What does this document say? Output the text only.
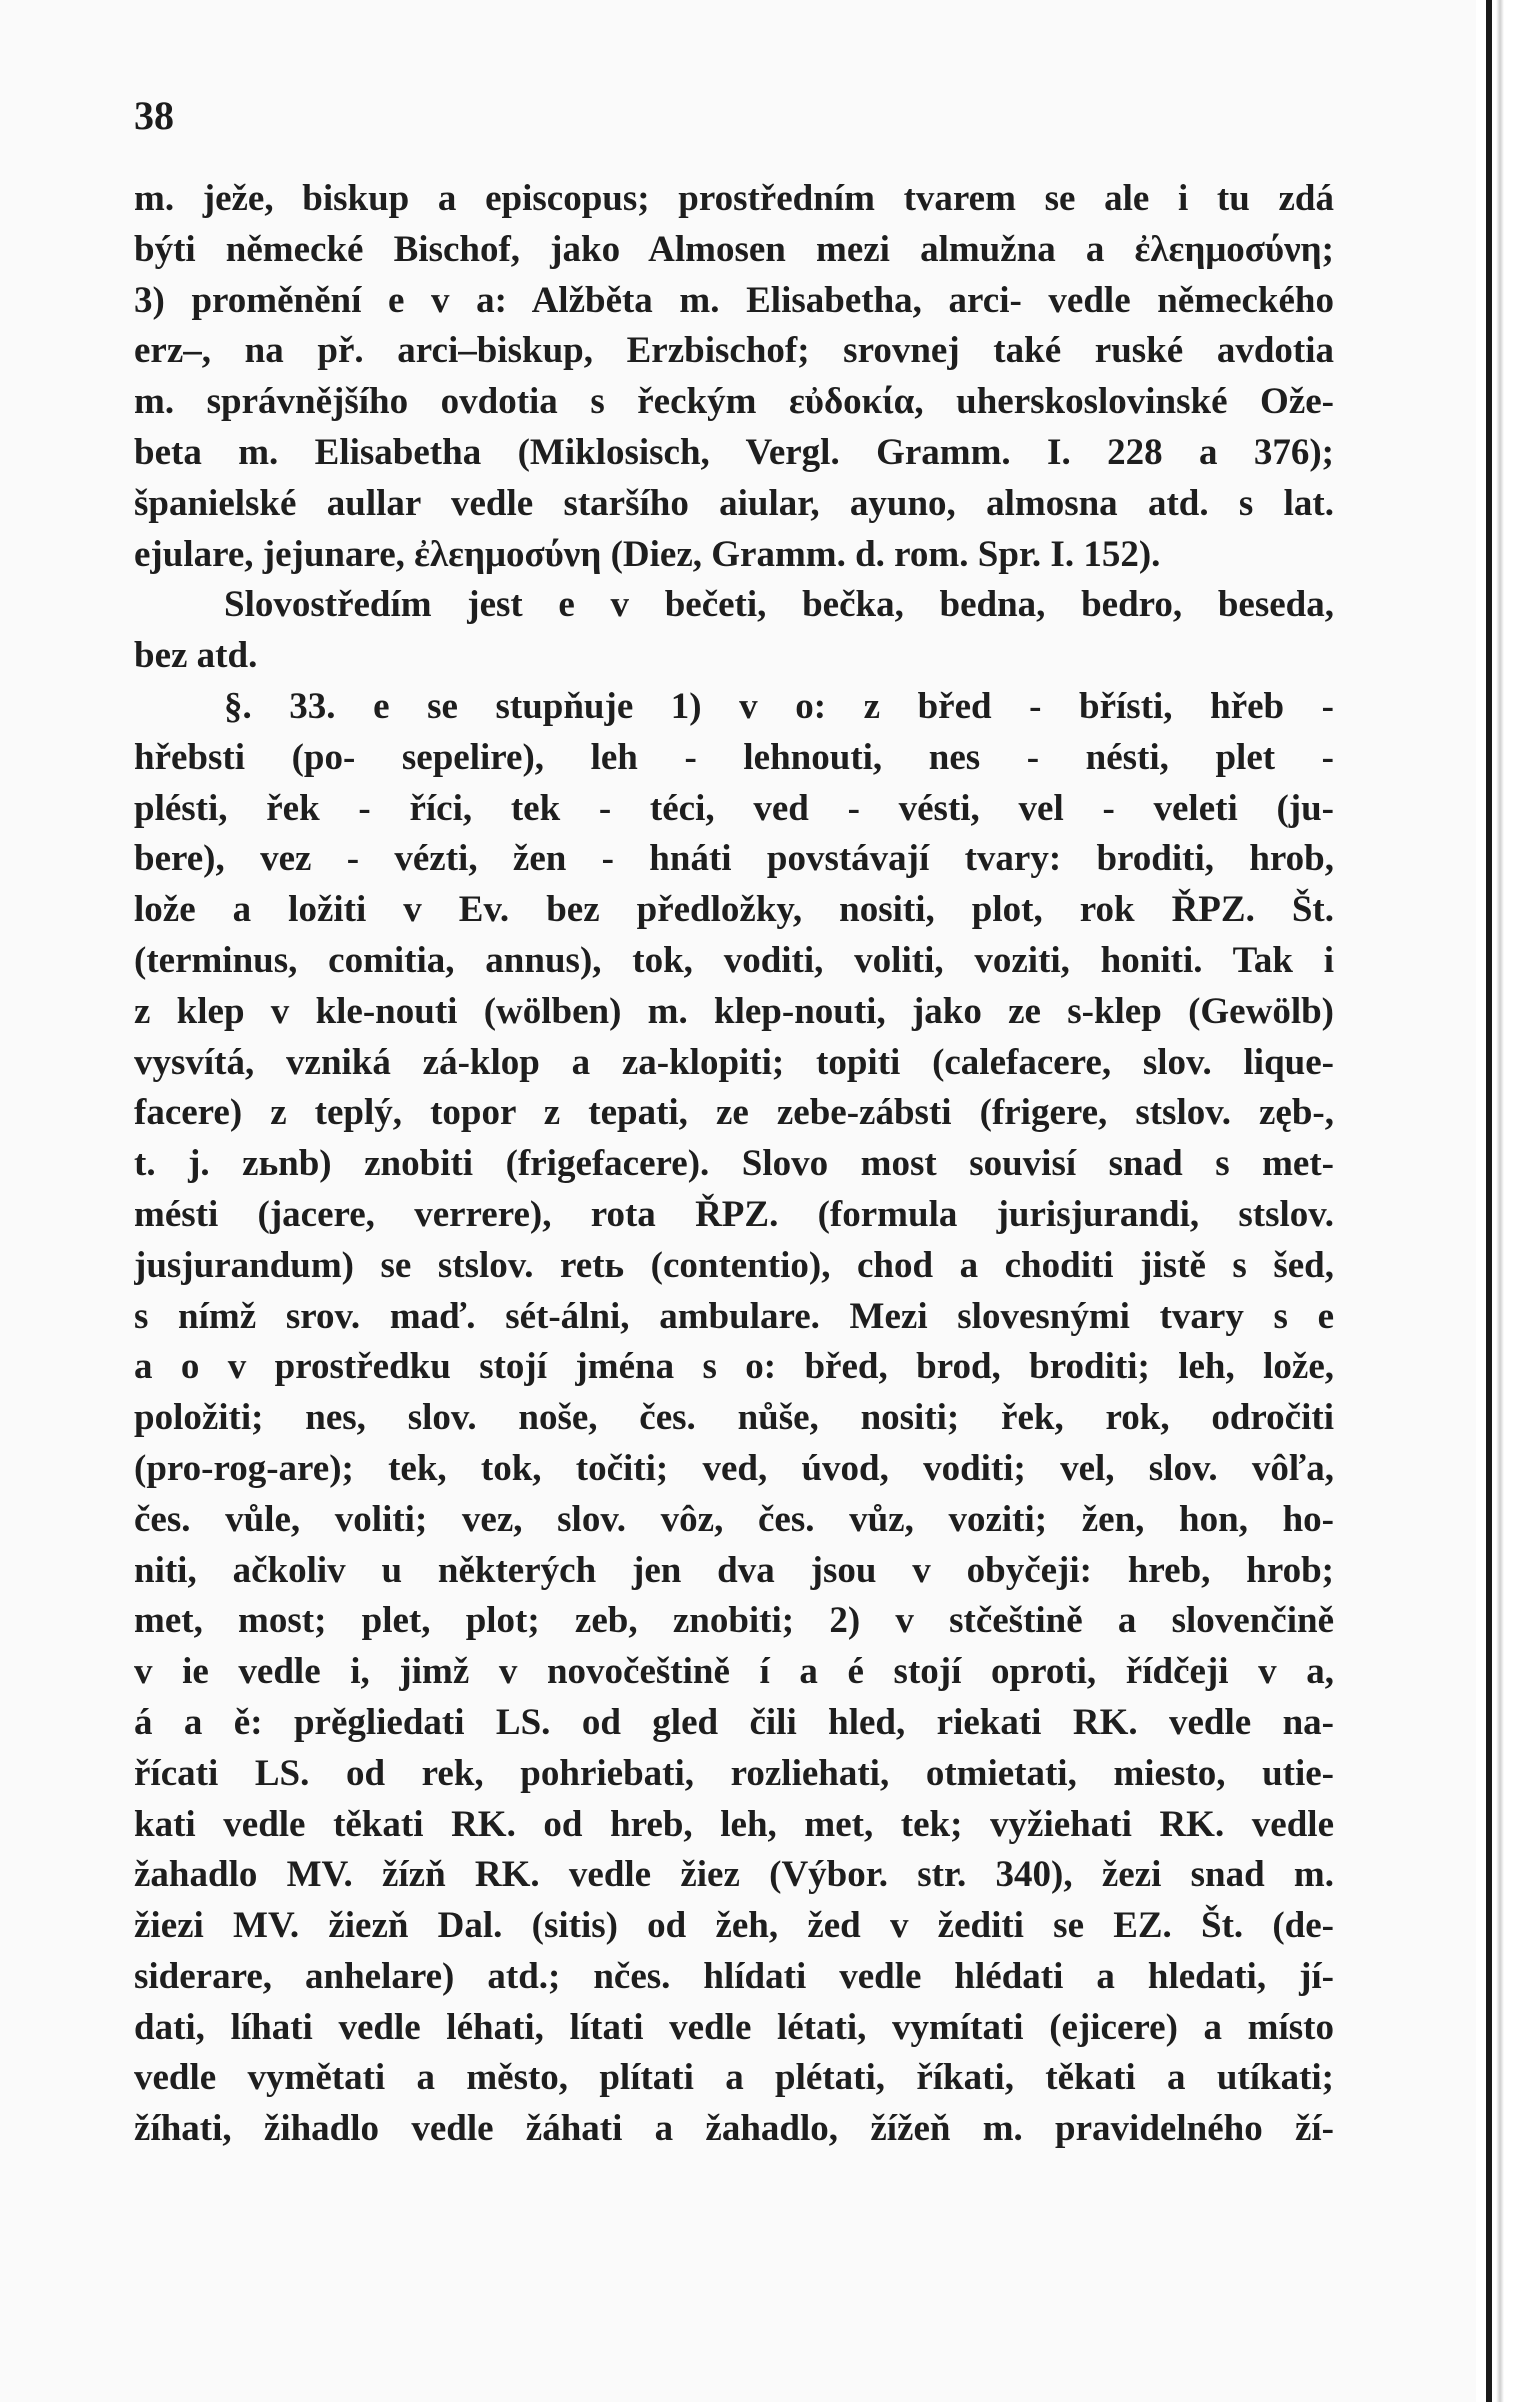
38
m. ježe, biskup a episcopus; prostředním tvarem se ale i tu zdá
býti německé Bischof, jako Almosen mezi almužna a ἐλεημοσύνη;
3) proměnění e v a: Alžběta m. Elisabetha, arci- vedle německého
erz–, na př. arci–biskup, Erzbischof; srovnej také ruské avdotia
m. správnějšího ovdotia s řeckým εὐδοκία, uherskoslovinské Ože-
beta m. Elisabetha (Miklosisch, Vergl. Gramm. I. 228 a 376);
španielské aullar vedle staršího aiular, ayuno, almosna atd. s lat.
ejulare, jejunare, ἐλεημοσύνη (Diez, Gramm. d. rom. Spr. I. 152).
Slovostředím jest e v bečeti, bečka, bedna, bedro, beseda,
bez atd.
§. 33. e se stupňuje 1) v o: z břed - břísti, hřeb -
hřebsti (po- sepelire), leh - lehnouti, nes - nésti, plet -
plésti, řek - říci, tek - téci, ved - vésti, vel - veleti (ju-
bere), vez - vézti, žen - hnáti povstávají tvary: broditi, hrob,
lože a ložiti v Ev. bez předložky, nositi, plot, rok ŘPZ. Št.
(terminus, comitia, annus), tok, voditi, voliti, voziti, honiti. Tak i
z klep v kle-nouti (wölben) m. klep-nouti, jako ze s-klep (Gewölb)
vysvítá, vzniká zá-klop a za-klopiti; topiti (calefacere, slov. lique-
facere) z teplý, topor z tepati, ze zebe-zábsti (frigere, stslov. zęb-,
t. j. zьnb) znobiti (frigefacere). Slovo most souvisí snad s met-
mésti (jacere, verrere), rota ŘPZ. (formula jurisjurandi, stslov.
jusjurandum) se stslov. retь (contentio), chod a choditi jistě s šed,
s nímž srov. maď. sét-álni, ambulare. Mezi slovesnými tvary s e
a o v prostředku stojí jména s o: břed, brod, broditi; leh, lože,
položiti; nes, slov. noše, čes. nůše, nositi; řek, rok, odročiti
(pro-rog-are); tek, tok, točiti; ved, úvod, voditi; vel, slov. vôľa,
čes. vůle, voliti; vez, slov. vôz, čes. vůz, voziti; žen, hon, ho-
niti, ačkoliv u některých jen dva jsou v obyčeji: hreb, hrob;
met, most; plet, plot; zeb, znobiti; 2) v stčeštině a slovenčině
v ie vedle i, jimž v novočeštině í a é stojí oproti, řídčeji v a,
á a ě: prěgliedati LS. od gled čili hled, riekati RK. vedle na-
řícati LS. od rek, pohriebati, rozliehati, otmietati, miesto, utie-
kati vedle těkati RK. od hreb, leh, met, tek; vyžiehati RK. vedle
žahadlo MV. žízň RK. vedle žiez (Výbor. str. 340), žezi snad m.
žiezi MV. žiezň Dal. (sitis) od žeh, žed v žediti se EZ. Št. (de-
siderare, anhelare) atd.; nčes. hlídati vedle hlédati a hledati, jí-
dati, líhati vedle léhati, lítati vedle létati, vymítati (ejicere) a místo
vedle vymětati a město, plítati a plétati, říkati, těkati a utíkati;
žíhati, žihadlo vedle žáhati a žahadlo, žížeň m. pravidelného ží-
